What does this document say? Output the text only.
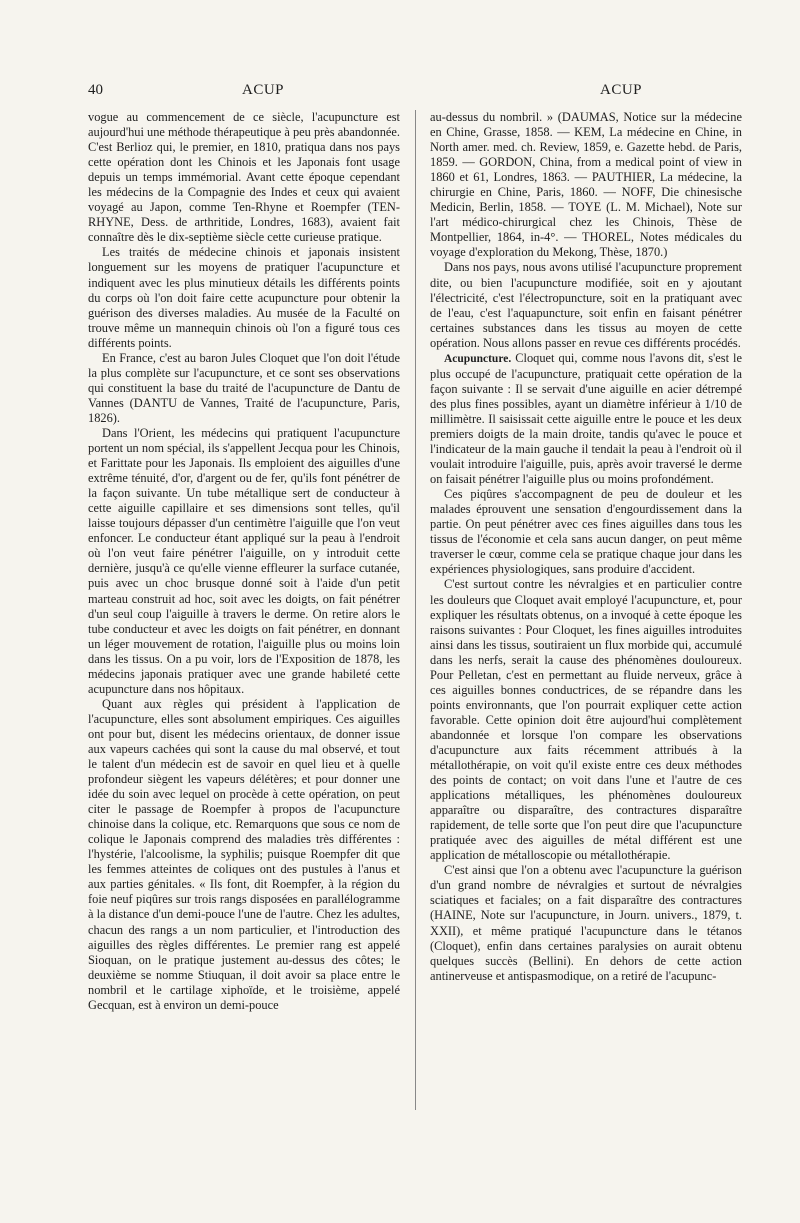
40	ACUP	ACUP

vogue au commencement de ce siècle, l'acupuncture est aujourd'hui une méthode thérapeutique à peu près abandonnée. C'est Berlioz qui, le premier, en 1810, pratiqua dans nos pays cette opération dont les Chinois et les Japonais font usage depuis un temps immémorial. Avant cette époque cependant les médecins de la Compagnie des Indes et ceux qui avaient voyagé au Japon, comme Ten-Rhyne et Roempfer (TEN-RHYNE, Dess. de arthritide, Londres, 1683), avaient fait connaître dès le dix-septième siècle cette curieuse pratique.

Les traités de médecine chinois et japonais insistent longuement sur les moyens de pratiquer l'acupuncture et indiquent avec les plus minutieux détails les différents points du corps où l'on doit faire cette acupuncture pour obtenir la guérison des diverses maladies. Au musée de la Faculté on trouve même un mannequin chinois où l'on a figuré tous ces différents points.

En France, c'est au baron Jules Cloquet que l'on doit l'étude la plus complète sur l'acupuncture, et ce sont ses observations qui constituent la base du traité de l'acupuncture de Dantu de Vannes (DANTU de Vannes, Traité de l'acupuncture, Paris, 1826).

Dans l'Orient, les médecins qui pratiquent l'acupuncture portent un nom spécial, ils s'appellent Jecqua pour les Chinois, et Farittate pour les Japonais. Ils emploient des aiguilles d'une extrême ténuité, d'or, d'argent ou de fer, qu'ils font pénétrer de la façon suivante. Un tube métallique sert de conducteur à cette aiguille capillaire et ses dimensions sont telles, qu'il laisse toujours dépasser d'un centimètre l'aiguille que l'on veut enfoncer. Le conducteur étant appliqué sur la peau à l'endroit où l'on veut faire pénétrer l'aiguille, on y introduit cette dernière, jusqu'à ce qu'elle vienne effleurer la surface cutanée, puis avec un choc brusque donné soit à l'aide d'un petit marteau construit ad hoc, soit avec les doigts, on fait pénétrer d'un seul coup l'aiguille à travers le derme. On retire alors le tube conducteur et avec les doigts on fait pénétrer, en donnant un léger mouvement de rotation, l'aiguille plus ou moins loin dans les tissus. On a pu voir, lors de l'Exposition de 1878, les médecins japonais pratiquer avec une grande habileté cette acupuncture dans nos hôpitaux.

Quant aux règles qui président à l'application de l'acupuncture, elles sont absolument empiriques. Ces aiguilles ont pour but, disent les médecins orientaux, de donner issue aux vapeurs cachées qui sont la cause du mal observé, et tout le talent d'un médecin est de savoir en quel lieu et à quelle profondeur siègent les vapeurs délétères; et pour donner une idée du soin avec lequel on procède à cette opération, on peut citer le passage de Roempfer à propos de l'acupuncture chinoise dans la colique, etc. Remarquons que sous ce nom de colique le Japonais comprend des maladies très différentes : l'hystérie, l'alcoolisme, la syphilis; puisque Roempfer dit que les femmes atteintes de coliques ont des pustules à l'anus et aux parties génitales. « Ils font, dit Roempfer, à la région du foie neuf piqûres sur trois rangs disposées en parallélogramme à la distance d'un demi-pouce l'une de l'autre. Chez les adultes, chacun des rangs a un nom particulier, et l'introduction des aiguilles des règles différentes. Le premier rang est appelé Sioquan, on le pratique justement au-dessus des côtes; le deuxième se nomme Stiuquan, il doit avoir sa place entre le nombril et le cartilage xiphoïde, et le troisième, appelé Gecquan, est à environ un demi-pouce

au-dessus du nombril. » (DAUMAS, Notice sur la médecine en Chine, Grasse, 1858. — KEM, La médecine en Chine, in North amer. med. ch. Review, 1859, e. Gazette hebd. de Paris, 1859. — GORDON, China, from a medical point of view in 1860 et 61, Londres, 1863. — PAUTHIER, La médecine, la chirurgie en Chine, Paris, 1860. — NOFF, Die chinesische Medicin, Berlin, 1858. — TOYE (L. M. Michael), Note sur l'art médico-chirurgical chez les Chinois, Thèse de Montpellier, 1864, in-4°. — THOREL, Notes médicales du voyage d'exploration du Mekong, Thèse, 1870.)

Dans nos pays, nous avons utilisé l'acupuncture proprement dite, ou bien l'acupuncture modifiée, soit en y ajoutant l'électricité, c'est l'électropuncture, soit en la pratiquant avec de l'eau, c'est l'aquapuncture, soit enfin en faisant pénétrer certaines substances dans les tissus au moyen de cette opération. Nous allons passer en revue ces différents procédés.

Acupuncture. Cloquet qui, comme nous l'avons dit, s'est le plus occupé de l'acupuncture, pratiquait cette opération de la façon suivante : Il se servait d'une aiguille en acier détrempé des plus fines possibles, ayant un diamètre inférieur à 1/10 de millimètre. Il saisissait cette aiguille entre le pouce et les deux premiers doigts de la main droite, tandis qu'avec le pouce et l'indicateur de la main gauche il tendait la peau à l'endroit où il voulait introduire l'aiguille, puis, après avoir traversé le derme on faisait pénétrer l'aiguille plus ou moins profondément.

Ces piqûres s'accompagnent de peu de douleur et les malades éprouvent une sensation d'engourdissement dans la partie. On peut pénétrer avec ces fines aiguilles dans tous les tissus de l'économie et cela sans aucun danger, on peut même traverser le cœur, comme cela se pratique chaque jour dans les expériences physiologiques, sans produire d'accident.

C'est surtout contre les névralgies et en particulier contre les douleurs que Cloquet avait employé l'acupuncture, et, pour expliquer les résultats obtenus, on a invoqué à cette époque les raisons suivantes : Pour Cloquet, les fines aiguilles introduites ainsi dans les tissus, soutiraient un flux morbide qui, accumulé dans les nerfs, serait la cause des phénomènes douloureux. Pour Pelletan, c'est en permettant au fluide nerveux, grâce à ces aiguilles bonnes conductrices, de se répandre dans les points environnants, que l'on pourrait expliquer cette action favorable. Cette opinion doit être aujourd'hui complètement abandonnée et lorsque l'on compare les observations d'acupuncture aux faits récemment attribués à la métallothérapie, on voit qu'il existe entre ces deux méthodes des points de contact; on voit dans l'une et l'autre de ces applications métalliques, les phénomènes douloureux apparaître ou disparaître, des contractures disparaître rapidement, de telle sorte que l'on peut dire que l'acupuncture pratiquée avec des aiguilles de métal différent est une application de métalloscopie ou métallothérapie.

C'est ainsi que l'on a obtenu avec l'acupuncture la guérison d'un grand nombre de névralgies et surtout de névralgies sciatiques et faciales; on a fait disparaître des contractures (HAINE, Note sur l'acupuncture, in Journ. univers., 1879, t. XXII), et même pratiqué l'acupuncture dans le tétanos (Cloquet), enfin dans certaines paralysies on aurait obtenu quelques succès (Bellini). En dehors de cette action antinerveuse et antispasmodique, on a retiré de l'acupunc-
